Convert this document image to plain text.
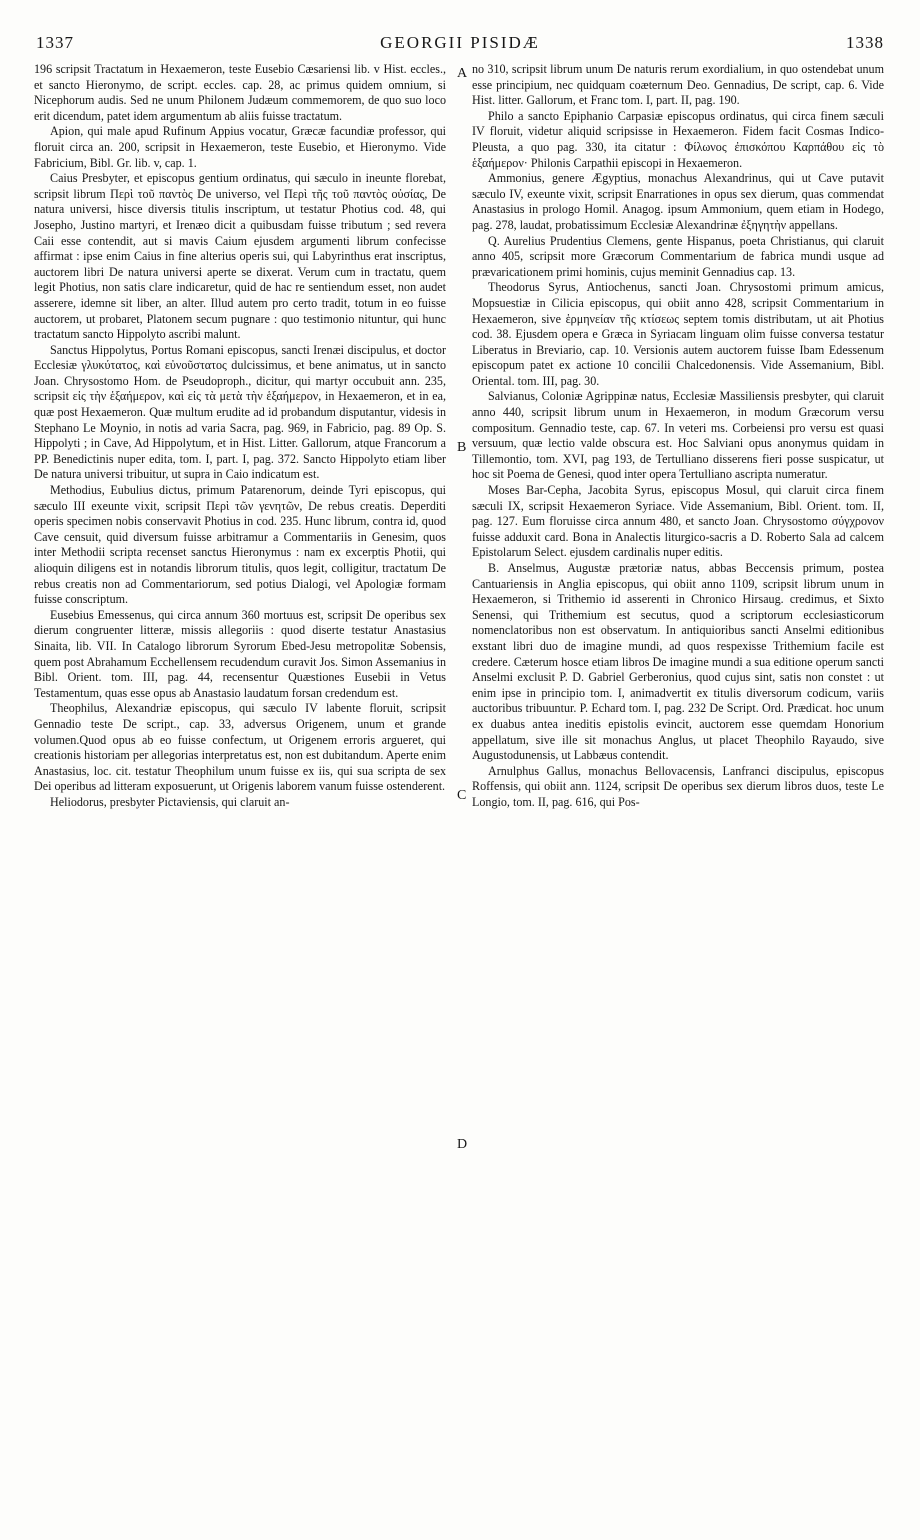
1337	GEORGII PISIDÆ	1338
A
B
C
D

196 scripsit Tractatum in Hexaemeron, teste Eusebio Cæsariensi lib. v Hist. eccles., et sancto Hieronymo, de script. eccles. cap. 28, ac primus quidem omnium, si Nicephorum audis. Sed ne unum Philonem Judæum commemorem, de quo suo loco erit dicendum, patet idem argumentum ab aliis fuisse tractatum.

Apion, qui male apud Rufinum Appius vocatur, Græcæ facundiæ professor, qui floruit circa an. 200, scripsit in Hexaemeron, teste Eusebio, et Hieronymo. Vide Fabricium, Bibl. Gr. lib. v, cap. 1.

Caius Presbyter, et episcopus gentium ordinatus, qui sæculo in ineunte florebat, scripsit librum Περὶ τοῦ παντὸς De universo, vel Περὶ τῆς τοῦ παντὸς οὐσίας, De natura universi, hisce diversis titulis inscriptum, ut testatur Photius cod. 48, qui Josepho, Justino martyri, et Irenæo dicit a quibusdam fuisse tributum ; sed revera Caii esse contendit, aut si mavis Caium ejusdem argumenti librum confecisse affirmat : ipse enim Caius in fine alterius operis sui, qui Labyrinthus erat inscriptus, auctorem libri De natura universi aperte se dixerat. Verum cum in tractatu, quem legit Photius, non satis clare indicaretur, quid de hac re sentiendum esset, non audet asserere, idemne sit liber, an alter. Illud autem pro certo tradit, totum in eo fuisse auctorem, ut probaret, Platonem secum pugnare : quo testimonio nituntur, qui hunc tractatum sancto Hippolyto ascribi malunt.

Sanctus Hippolytus, Portus Romani episcopus, sancti Irenæi discipulus, et doctor Ecclesiæ γλυκύτατος, καὶ εὐνοῦστατος dulcissimus, et bene animatus, ut in sancto Joan. Chrysostomo Hom. de Pseudoproph., dicitur, qui martyr occubuit ann. 235, scripsit εἰς τὴν ἑξαήμερον, καὶ εἰς τὰ μετὰ τὴν ἑξαήμερον, in Hexaemeron, et in ea, quæ post Hexaemeron. Quæ multum erudite ad id probandum disputantur, videsis in Stephano Le Moynio, in notis ad varia Sacra, pag. 969, in Fabricio, pag. 89 Op. S. Hippolyti ; in Cave, Ad Hippolytum, et in Hist. Litter. Gallorum, atque Francorum a PP. Benedictinis nuper edita, tom. I, part. I, pag. 372. Sancto Hippolyto etiam liber De natura universi tribuitur, ut supra in Caio indicatum est.

Methodius, Eubulius dictus, primum Patarenorum, deinde Tyri episcopus, qui sæculo III exeunte vixit, scripsit Περὶ τῶν γενητῶν, De rebus creatis. Deperditi operis specimen nobis conservavit Photius in cod. 235. Hunc librum, contra id, quod Cave censuit, quid diversum fuisse arbitramur a Commentariis in Genesim, quos inter Methodii scripta recenset sanctus Hieronymus : nam ex excerptis Photii, qui alioquin diligens est in notandis librorum titulis, quos legit, colligitur, tractatum De rebus creatis non ad Commentariorum, sed potius Dialogi, vel Apologiæ formam fuisse conscriptum.

Eusebius Emessenus, qui circa annum 360 mortuus est, scripsit De operibus sex dierum congruenter litteræ, missis allegoriis : quod diserte testatur Anastasius Sinaita, lib. VII. In Catalogo librorum Syrorum Ebed-Jesu metropolitæ Sobensis, quem post Abrahamum Ecchellensem recudendum curavit Jos. Simon Assemanius in Bibl. Orient. tom. III, pag. 44, recensentur Quæstiones Eusebii in Vetus Testamentum, quas esse opus ab Anastasio laudatum forsan credendum est.

Theophilus, Alexandriæ episcopus, qui sæculo IV labente floruit, scripsit Gennadio teste De script., cap. 33, adversus Origenem, unum et grande volumen.Quod opus ab eo fuisse confectum, ut Origenem erroris argueret, qui creationis historiam per allegorias interpretatus est, non est dubitandum. Aperte enim Anastasius, loc. cit. testatur Theophilum unum fuisse ex iis, qui sua scripta de sex Dei operibus ad litteram exposuerunt, ut Origenis laborem vanum fuisse ostenderent.

Heliodorus, presbyter Pictaviensis, qui claruit an-

no 310, scripsit librum unum De naturis rerum exordialium, in quo ostendebat unum esse principium, nec quidquam coæternum Deo. Gennadius, De script, cap. 6. Vide Hist. litter. Gallorum, et Franc tom. I, part. II, pag. 190.

Philo a sancto Epiphanio Carpasiæ episcopus ordinatus, qui circa finem sæculi IV floruit, videtur aliquid scripsisse in Hexaemeron. Fidem facit Cosmas Indico-Pleusta, a quo pag. 330, ita citatur : Φίλωνος ἐπισκόπου Καρπάθου εἰς τὸ ἑξαήμερον· Philonis Carpathii episcopi in Hexaemeron.

Ammonius, genere Ægyptius, monachus Alexandrinus, qui ut Cave putavit sæculo IV, exeunte vixit, scripsit Enarrationes in opus sex dierum, quas commendat Anastasius in prologo Homil. Anagog. ipsum Ammonium, quem etiam in Hodego, pag. 278, laudat, probatissimum Ecclesiæ Alexandrinæ ἐξηγητὴν appellans.

Q. Aurelius Prudentius Clemens, gente Hispanus, poeta Christianus, qui claruit anno 405, scripsit more Græcorum Commentarium de fabrica mundi usque ad prævaricationem primi hominis, cujus meminit Gennadius cap. 13.

Theodorus Syrus, Antiochenus, sancti Joan. Chrysostomi primum amicus, Mopsuestiæ in Cilicia episcopus, qui obiit anno 428, scripsit Commentarium in Hexaemeron, sive ἑρμηνείαν τῆς κτίσεως septem tomis distributam, ut ait Photius cod. 38. Ejusdem opera e Græca in Syriacam linguam olim fuisse conversa testatur Liberatus in Breviario, cap. 10. Versionis autem auctorem fuisse Ibam Edessenum episcopum patet ex actione 10 concilii Chalcedonensis. Vide Assemanium, Bibl. Oriental. tom. III, pag. 30.

Salvianus, Coloniæ Agrippinæ natus, Ecclesiæ Massiliensis presbyter, qui claruit anno 440, scripsit librum unum in Hexaemeron, in modum Græcorum versu compositum. Gennadio teste, cap. 67. In veteri ms. Corbeiensi pro versu est quasi versuum, quæ lectio valde obscura est. Hoc Salviani opus anonymus quidam in Tillemontio, tom. XVI, pag 193, de Tertulliano disserens fieri posse suspicatur, ut hoc sit Poema de Genesi, quod inter opera Tertulliano ascripta numeratur.

Moses Bar-Cepha, Jacobita Syrus, episcopus Mosul, qui claruit circa finem sæculi IX, scripsit Hexaemeron Syriace. Vide Assemanium, Bibl. Orient. tom. II, pag. 127. Eum floruisse circa annum 480, et sancto Joan. Chrysostomo σύγχρονον fuisse adduxit card. Bona in Analectis liturgico-sacris a D. Roberto Sala ad calcem Epistolarum Select. ejusdem cardinalis nuper editis.

B. Anselmus, Augustæ prætoriæ natus, abbas Beccensis primum, postea Cantuariensis in Anglia episcopus, qui obiit anno 1109, scripsit librum unum in Hexaemeron, si Trithemio id asserenti in Chronico Hirsaug. credimus, et Sixto Senensi, qui Trithemium est secutus, quod a scriptorum ecclesiasticorum nomenclatoribus non est observatum. In antiquioribus sancti Anselmi editionibus exstant libri duo de imagine mundi, ad quos respexisse Trithemium facile est credere. Cæterum hosce etiam libros De imagine mundi a sua editione operum sancti Anselmi exclusit P. D. Gabriel Gerberonius, quod cujus sint, satis non constet : ut enim ipse in principio tom. I, animadvertit ex titulis diversorum codicum, variis auctoribus tribuuntur. P. Echard tom. I, pag. 232 De Script. Ord. Prædicat. hoc unum ex duabus antea ineditis epistolis evincit, auctorem esse quemdam Honorium appellatum, sive ille sit monachus Anglus, ut placet Theophilo Rayaudo, sive Augustodunensis, ut Labbæus contendit.

Arnulphus Gallus, monachus Bellovacensis, Lanfranci discipulus, episcopus Roffensis, qui obiit ann. 1124, scripsit De operibus sex dierum libros duos, teste Le Longio, tom. II, pag. 616, qui Pos-
